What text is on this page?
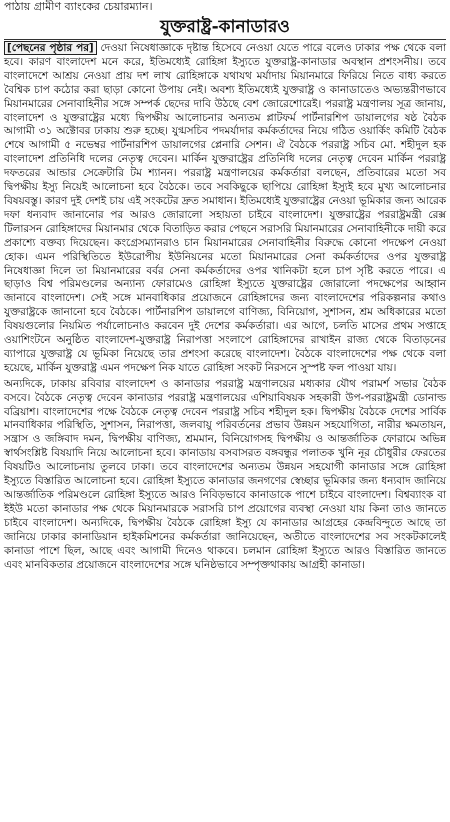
পাঠায় গ্রামীণ ব্যাংকের চেয়ারম্যান।
যুক্তরাষ্ট্র-কানাডারও

[পেছনের পৃষ্ঠার পর] দেওয়া নিষেধাজ্ঞাকে দৃষ্টান্ত হিসেবে নেওয়া যেতে পারে বলেও ঢাকার পক্ষ থেকে বলা হবে। কারণ বাংলাদেশ মনে করে, ইতিমধ্যেই রোহিঙ্গা ইস্যুতে যুক্তরাষ্ট্র-কানাডার অবস্থান প্রশংসনীয়। তবে বাংলাদেশে আশ্রয় নেওয়া প্রায় দশ লাখ রোহিঙ্গাকে যথাযথ মর্যাদায় মিয়ানমারে ফিরিয়ে নিতে বাধ্য করতে বৈশ্বিক চাপ কঠোর করা ছাড়া কোনো উপায় নেই। অবশ্য ইতিমধ্যেই যুক্তরাষ্ট্র ও কানাডাতেও অভ্যন্তরীণভাবে মিয়ানমারের সেনাবাহিনীর সঙ্গে সম্পর্ক ছেদের দাবি উঠছে বেশ জোরেশোরেই। পররাষ্ট্র মন্ত্রণালয় সূত্র জানায়, বাংলাদেশ ও যুক্তরাষ্ট্রের মধ্যে দ্বিপক্ষীয় আলোচনার অন্যতম প্লাটফর্ম পার্টনারশিপ ডায়ালগের ষষ্ঠ বৈঠক আগামী ৩১ অক্টোবর ঢাকায় শুরু হচ্ছে। যুগ্মসচিব পদমর্যাদার কর্মকর্তাদের নিয়ে গঠিত ওয়ার্কিং কমিটি বৈঠক শেষে আগামী ৫ নভেম্বর পার্টনারশিপ ডায়ালগের প্লেনারি সেশন। ঐ বৈঠকে পররাষ্ট্র সচিব মো. শহীদুল হক বাংলাদেশ প্রতিনিধি দলের নেতৃত্ব দেবেন। মার্কিন যুক্তরাষ্ট্রের প্রতিনিধি দলের নেতৃত্ব দেবেন মার্কিন পররাষ্ট্র দফতরের আন্ডার সেক্রেটারি টম শ্যানন। পররাষ্ট্র মন্ত্রণালয়ের কর্মকর্তারা বলছেন, প্রতিবারের মতো সব দ্বিপক্ষীয় ইস্যু নিয়েই আলোচনা হবে বৈঠকে। তবে সবকিছুকে ছাপিয়ে রোহিঙ্গা ইস্যুই হবে মুখ্য আলোচনার বিষয়বস্তু। কারণ দুই দেশই চায় এই সংকটের দ্রুত সমাধান। ইতিমধ্যেই যুক্তরাষ্ট্রের নেওয়া ভূমিকার জন্য আরেক দফা ধন্যবাদ জানানোর পর আরও জোরালো সহায়তা চাইবে বাংলাদেশ। যুক্তরাষ্ট্রের পররাষ্ট্রমন্ত্রী রেক্স টিলারসন রোহিঙ্গাদের মিয়ানমার থেকে বিতাড়িত করার পেছনে সরাসরি মিয়ানমারের সেনাবাহিনীকে দায়ী করে প্রকাশ্যে বক্তব্য দিয়েছেন। কংগ্রেসম্যানরাও চান মিয়ানমারের সেনাবাহিনীর বিরুদ্ধে কোনো পদক্ষেপ নেওয়া হোক। এমন পরিস্থিতিতে ইউরোপীয় ইউনিয়নের মতো মিয়ানমারের সেনা কর্মকর্তাদের ওপর যুক্তরাষ্ট্র নিষেধাজ্ঞা দিলে তা মিয়ানমারের বর্বর সেনা কর্মকর্তাদের ওপর খানিকটা হলে চাপ সৃষ্টি করতে পারে। এ ছাড়াও বিশ্ব পরিমণ্ডলের অন্যান্য ফোরামেও রোহিঙ্গা ইস্যুতে যুক্তরাষ্ট্রের জোরালো পদক্ষেপের আহ্বান জানাবে বাংলাদেশ। সেই সঙ্গে মানবাধিকার প্রয়োজনে রোহিঙ্গাদের জন্য বাংলাদেশের পরিকল্পনার কথাও যুক্তরাষ্ট্রকে জানানো হবে বৈঠকে। পার্টনারশিপ ডায়ালগে বাণিজ্য, বিনিয়োগ, সুশাসন, শ্রম অধিকারের মতো বিষয়গুলোর নিয়মিত পর্যালোচনাও করবেন দুই দেশের কর্মকর্তারা। এর আগে, চলতি মাসের প্রথম সপ্তাহে ওয়াশিংটনে অনুষ্ঠিত বাংলাদেশ-যুক্তরাষ্ট্র নিরাপত্তা সংলাপে রোহিঙ্গাদের রাখাইন রাজ্য থেকে বিতাড়নের ব্যাপারে যুক্তরাষ্ট্র যে ভূমিকা নিয়েছে তার প্রশংসা করেছে বাংলাদেশ। বৈঠকে বাংলাদেশের পক্ষ থেকে বলা হয়েছে, মার্কিন যুক্তরাষ্ট্র এমন পদক্ষেপ নিক যাতে রোহিঙ্গা সংকট নিরসনে সুস্পষ্ট ফল পাওয়া যায়।

অন্যদিকে, ঢাকায় রবিবার বাংলাদেশ ও কানাডার পররাষ্ট্র মন্ত্রণালয়ের মধ্যকার যৌথ পরামর্শ সভার বৈঠক বসবে। বৈঠকে নেতৃত্ব দেবেন কানাডার পররাষ্ট্র মন্ত্রণালয়ের এশিয়াবিষয়ক সহকারী উপ-পররাষ্ট্রমন্ত্রী ডোনাল্ড বব্রিয়াশ। বাংলাদেশের পক্ষে বৈঠকে নেতৃত্ব দেবেন পররাষ্ট্র সচিব শহীদুল হক। দ্বিপক্ষীয় বৈঠকে দেশের সার্বিক মানবাধিকার পরিস্থিতি, সুশাসন, নিরাপত্তা, জলবায়ু পরিবর্তনের প্রভাব উন্নয়ন সহযোগিতা, নারীর ক্ষমতায়ন, সন্ত্রাস ও জঙ্গিবাদ দমন, দ্বিপক্ষীয় বাণিজ্য, শ্রমমান, বিনিয়োগসহ দ্বিপক্ষীয় ও আন্তর্জাতিক ফোরামে অভিন্ন স্বার্থসংশ্লিষ্ট বিষয়াদি নিয়ে আলোচনা হবে। কানাডায় বসবাসরত বঙ্গবন্ধুর পলাতক খুনি নূর চৌধুরীর ফেরতের বিষয়টিও আলোচনায় তুলবে ঢাকা। তবে বাংলাদেশের অন্যতম উন্নয়ন সহযোগী কানাডার সঙ্গে রোহিঙ্গা ইস্যুতে বিস্তারিত আলোচনা হবে। রোহিঙ্গা ইস্যুতে কানাডার জনগণের স্বেচ্ছার ভূমিকার জন্য ধন্যবাদ জানিয়ে আন্তর্জাতিক পরিমণ্ডলে রোহিঙ্গা ইস্যুতে আরও নিবিড়ভাবে কানাডাকে পাশে চাইবে বাংলাদেশ। বিশ্বব্যাংক বা ইইউ মতো কানাডার পক্ষ থেকে মিয়ানমারকে সরাসরি চাপ প্রয়োগের ব্যবস্থা নেওয়া যায় কিনা তাও জানতে চাইবে বাংলাদেশ। অন্যদিকে, দ্বিপক্ষীয় বৈঠকে রোহিঙ্গা ইস্যু যে কানাডার আগ্রহের কেন্দ্রবিন্দুতে আছে তা জানিয়ে ঢাকার কানাডিয়ান হাইকমিশনের কর্মকর্তারা জানিয়েছেন, অতীতে বাংলাদেশের সব সংকটকালেই কানাডা পাশে ছিল, আছে এবং আগামী দিনেও থাকবে। চলমান রোহিঙ্গা ইস্যুতে আরও বিস্তারিত জানতে এবং মানবিকতার প্রয়োজনে বাংলাদেশের সঙ্গে ঘনিষ্ঠভাবে সম্পৃক্তথাকায় আগ্রহী কানাডা।
